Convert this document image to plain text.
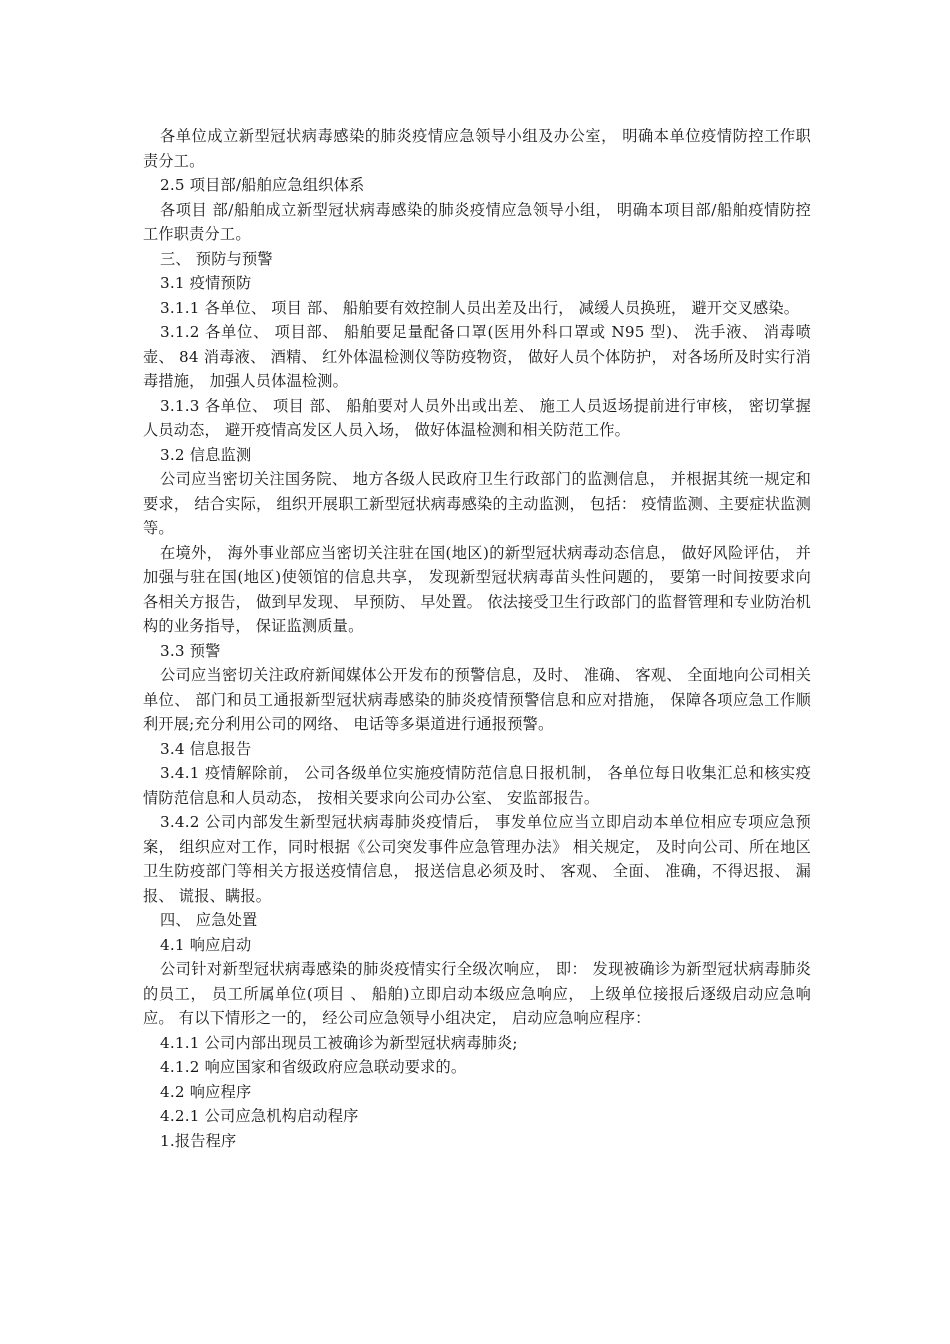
各单位成立新型冠状病毒感染的肺炎疫情应急领导小组及办公室， 明确本单位疫情防控工作职责分工。

2.5 项目部/船舶应急组织体系

各项目 部/船舶成立新型冠状病毒感染的肺炎疫情应急领导小组， 明确本项目部/船舶疫情防控工作职责分工。

三、 预防与预警

3.1 疫情预防

3.1.1 各单位、 项目 部、 船舶要有效控制人员出差及出行， 减缓人员换班， 避开交叉感染。

3.1.2 各单位、 项目部、 船舶要足量配备口罩(医用外科口罩或 N95 型)、 洗手液、 消毒喷壶、 84 消毒液、 酒精、 红外体温检测仪等防疫物资， 做好人员个体防护， 对各场所及时实行消毒措施， 加强人员体温检测。

3.1.3 各单位、 项目 部、 船舶要对人员外出或出差、 施工人员返场提前进行审核， 密切掌握人员动态， 避开疫情高发区人员入场， 做好体温检测和相关防范工作。

3.2 信息监测

公司应当密切关注国务院、 地方各级人民政府卫生行政部门的监测信息， 并根据其统一规定和要求， 结合实际， 组织开展职工新型冠状病毒感染的主动监测， 包括： 疫情监测、主要症状监测等。

在境外， 海外事业部应当密切关注驻在国(地区)的新型冠状病毒动态信息， 做好风险评估， 并加强与驻在国(地区)使领馆的信息共享， 发现新型冠状病毒苗头性问题的， 要第一时间按要求向各相关方报告， 做到早发现、 早预防、 早处置。 依法接受卫生行政部门的监督管理和专业防治机构的业务指导， 保证监测质量。

3.3 预警

公司应当密切关注政府新闻媒体公开发布的预警信息，及时、 准确、 客观、 全面地向公司相关单位、 部门和员工通报新型冠状病毒感染的肺炎疫情预警信息和应对措施， 保障各项应急工作顺利开展;充分利用公司的网络、 电话等多渠道进行通报预警。

3.4 信息报告

3.4.1 疫情解除前， 公司各级单位实施疫情防范信息日报机制， 各单位每日收集汇总和核实疫情防范信息和人员动态， 按相关要求向公司办公室、 安监部报告。

3.4.2 公司内部发生新型冠状病毒肺炎疫情后， 事发单位应当立即启动本单位相应专项应急预案， 组织应对工作，同时根据《公司突发事件应急管理办法》 相关规定， 及时向公司、所在地区卫生防疫部门等相关方报送疫情信息， 报送信息必须及时、 客观、 全面、 准确，不得迟报、 漏报、 谎报、瞒报。

四、 应急处置

4.1 响应启动

公司针对新型冠状病毒感染的肺炎疫情实行全级次响应， 即： 发现被确诊为新型冠状病毒肺炎的员工， 员工所属单位(项目 、 船舶)立即启动本级应急响应， 上级单位接报后逐级启动应急响应。 有以下情形之一的， 经公司应急领导小组决定， 启动应急响应程序：

4.1.1 公司内部出现员工被确诊为新型冠状病毒肺炎;

4.1.2 响应国家和省级政府应急联动要求的。

4.2 响应程序

4.2.1 公司应急机构启动程序

1.报告程序
